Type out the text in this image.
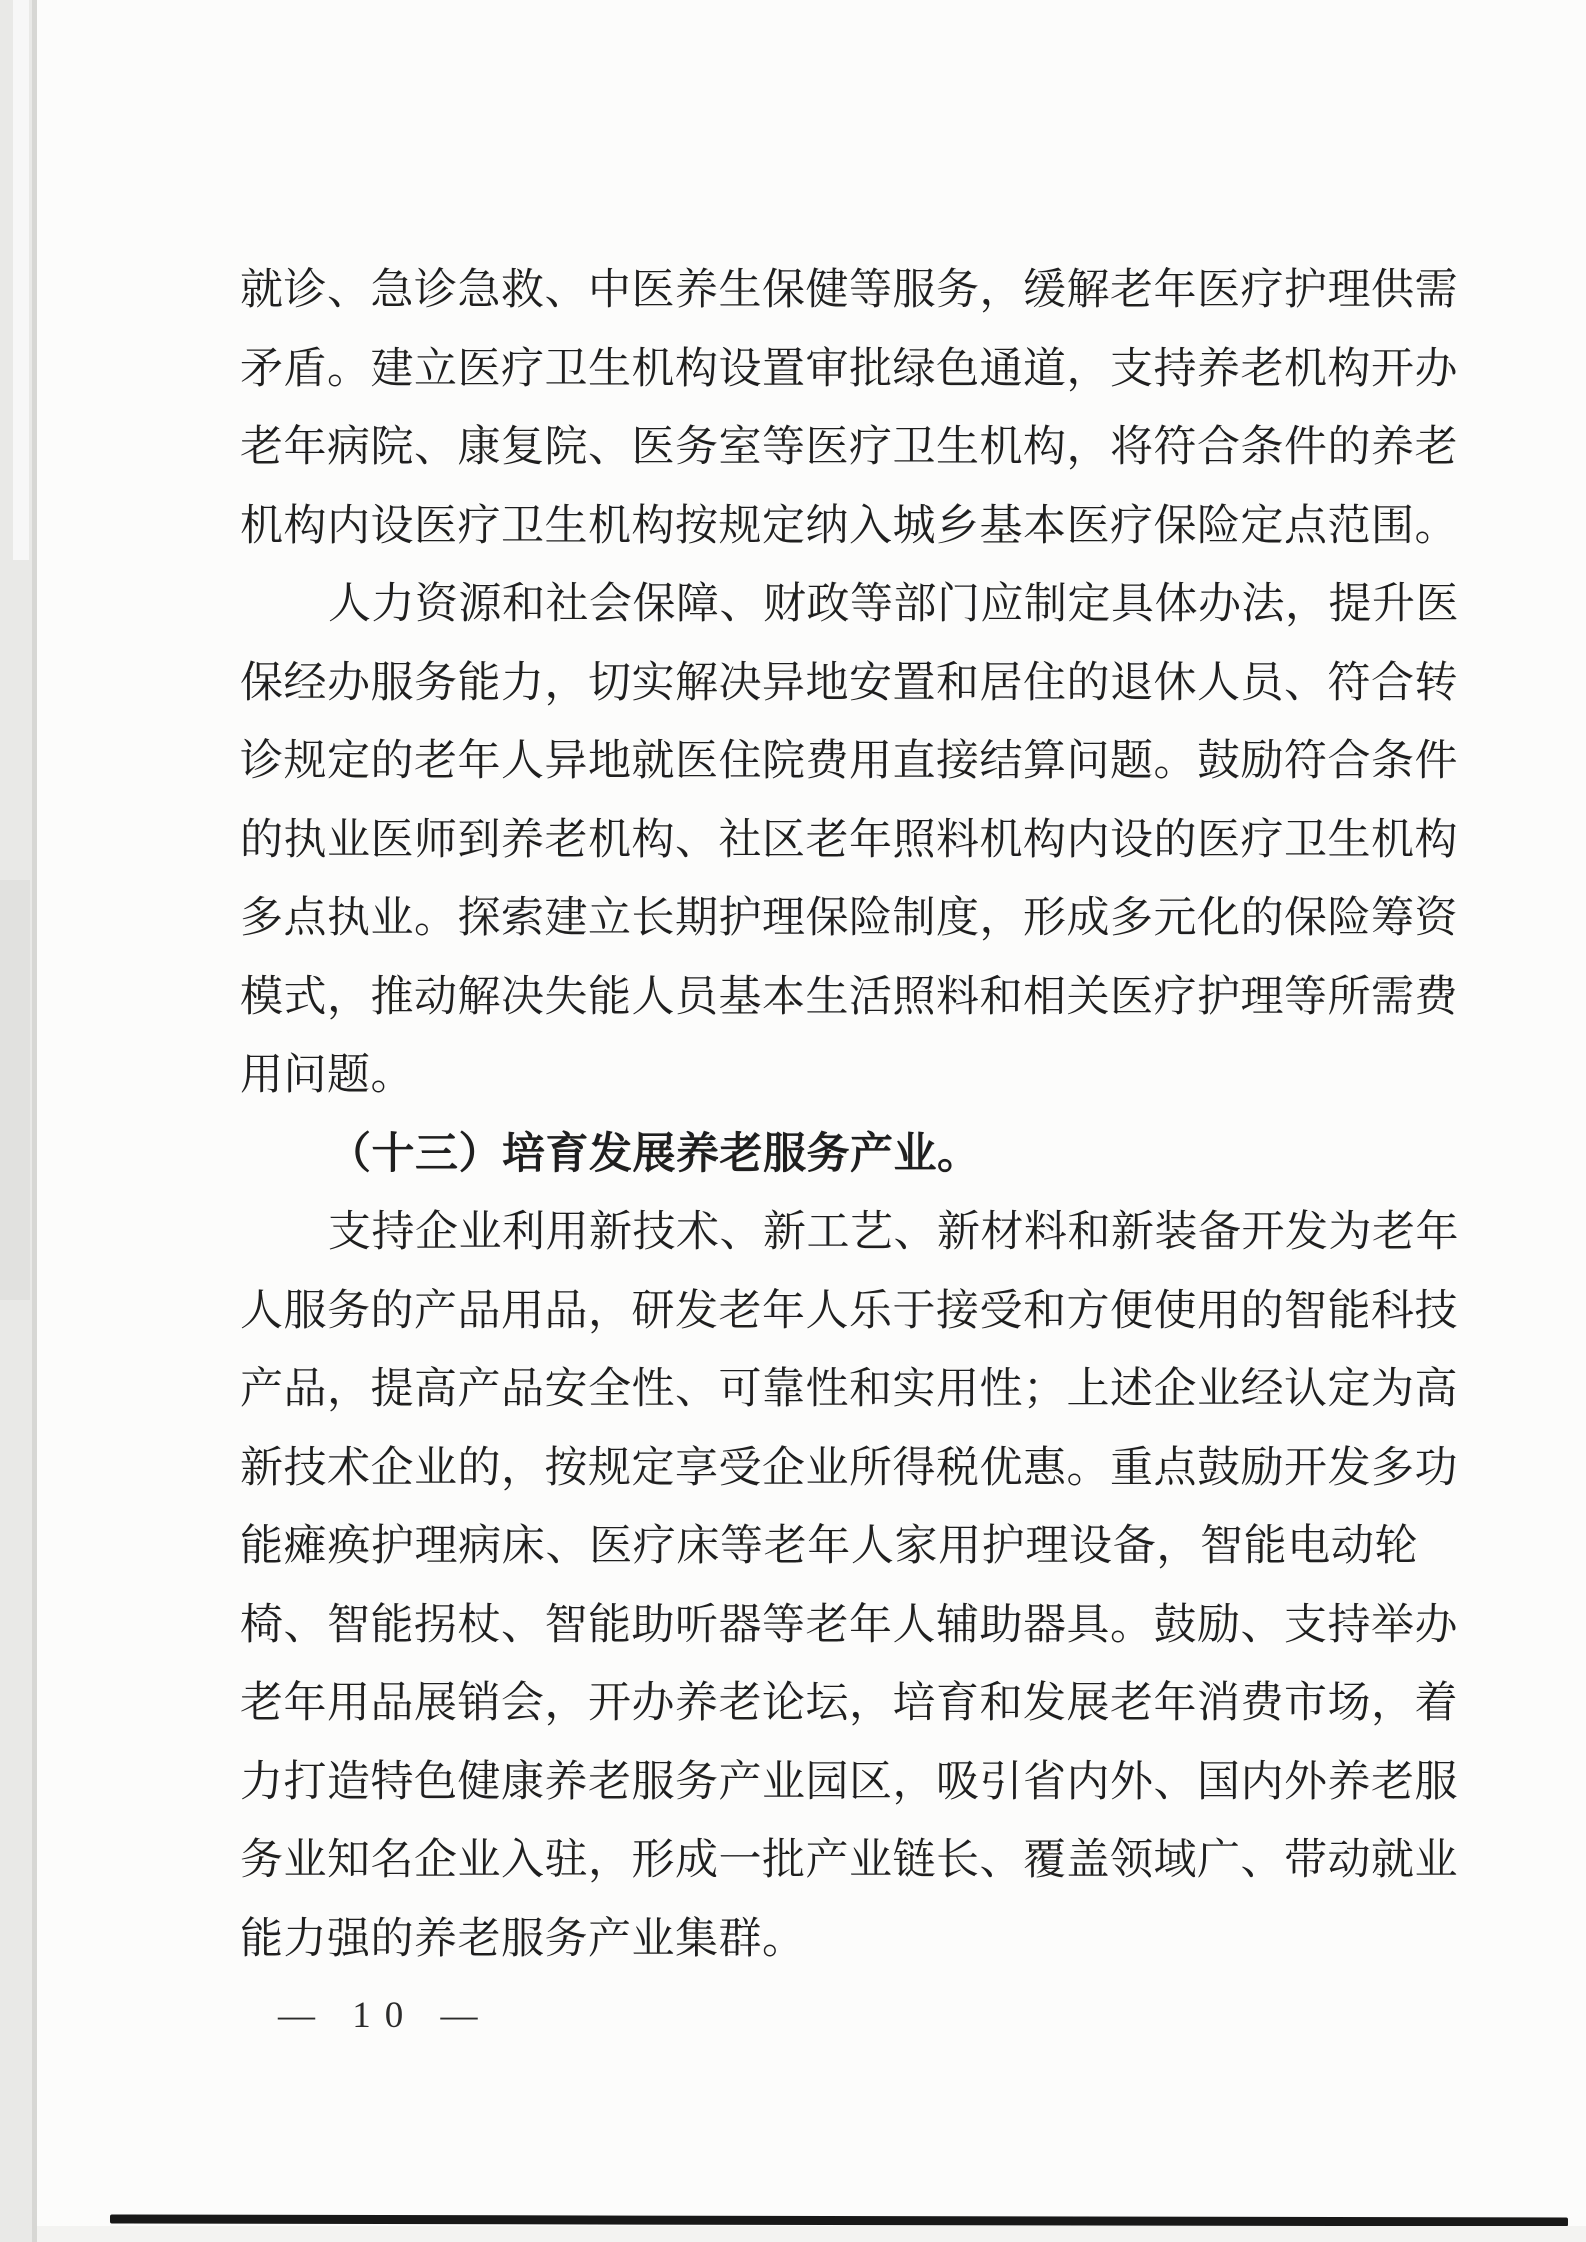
就诊、急诊急救、中医养生保健等服务，缓解老年医疗护理供需
矛盾。建立医疗卫生机构设置审批绿色通道，支持养老机构开办
老年病院、康复院、医务室等医疗卫生机构，将符合条件的养老
机构内设医疗卫生机构按规定纳入城乡基本医疗保险定点范围。
人力资源和社会保障、财政等部门应制定具体办法，提升医
保经办服务能力，切实解决异地安置和居住的退休人员、符合转
诊规定的老年人异地就医住院费用直接结算问题。鼓励符合条件
的执业医师到养老机构、社区老年照料机构内设的医疗卫生机构
多点执业。探索建立长期护理保险制度，形成多元化的保险筹资
模式，推动解决失能人员基本生活照料和相关医疗护理等所需费
用问题。
（十三）培育发展养老服务产业。
支持企业利用新技术、新工艺、新材料和新装备开发为老年
人服务的产品用品，研发老年人乐于接受和方便使用的智能科技
产品，提高产品安全性、可靠性和实用性；上述企业经认定为高
新技术企业的，按规定享受企业所得税优惠。重点鼓励开发多功
能瘫痪护理病床、医疗床等老年人家用护理设备，智能电动轮
椅、智能拐杖、智能助听器等老年人辅助器具。鼓励、支持举办
老年用品展销会，开办养老论坛，培育和发展老年消费市场，着
力打造特色健康养老服务产业园区，吸引省内外、国内外养老服
务业知名企业入驻，形成一批产业链长、覆盖领域广、带动就业
能力强的养老服务产业集群。
— 10 —
